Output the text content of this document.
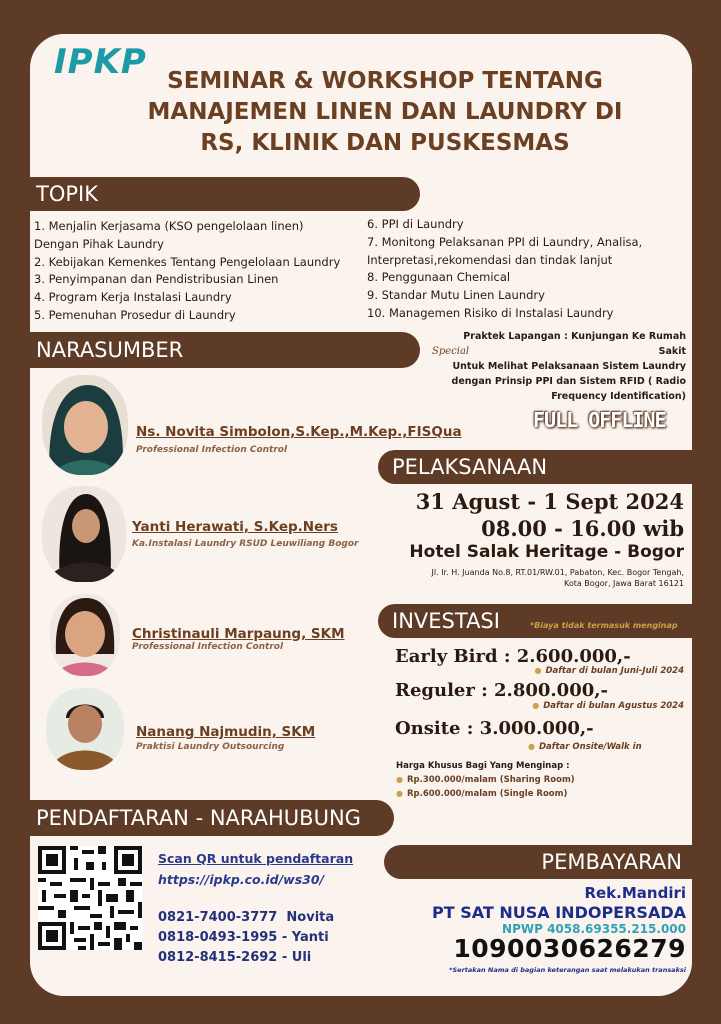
IPKP SEMINAR & WORKSHOP TENTANG
MANAJEMEN LINEN DAN LAUNDRY DI
RS, KLINIK DAN PUSKESMAS
TOPIK
1. Menjalin Kerjasama (KSO pengelolaan linen)
Dengan Pihak Laundry
2. Kebijakan Kemenkes Tentang Pengelolaan Laundry
3. Penyimpanan dan Pendistribusian Linen
4. Program Kerja Instalasi Laundry
5. Pemenuhan Prosedur di Laundry
6. PPI di Laundry
7. Monitong Pelaksanan PPI di Laundry, Analisa,
Interpretasi,rekomendasi dan tindak lanjut
8. Penggunaan Chemical
9. Standar Mutu Linen Laundry
10. Managemen Risiko di Instalasi Laundry
NARASUMBER	Special
Praktek Lapangan : Kunjungan Ke Rumah Sakit
Untuk Melihat Pelaksanaan Sistem Laundry
dengan Prinsip PPI dan Sistem RFID ( Radio
Frequency Identification)
Ns. Novita Simbolon,S.Kep.,M.Kep.,FISQua
Professional Infection Control
Yanti Herawati, S.Kep.Ners
Ka.Instalasi Laundry RSUD Leuwiliang Bogor
Christinauli Marpaung, SKM
Professional Infection Control
Nanang Najmudin, SKM
Praktisi Laundry Outsourcing
FULL OFFLINE
PELAKSANAAN
31 Agust - 1 Sept 2024
08.00 - 16.00 wib
Hotel Salak Heritage - Bogor
Jl. Ir. H. Juanda No.8, RT.01/RW.01, Pabaton, Kec. Bogor Tengah,
Kota Bogor, Jawa Barat 16121
INVESTASI	*Biaya tidak termasuk menginap
Early Bird : 2.600.000,-
● Daftar di bulan Juni-Juli 2024
Reguler : 2.800.000,-
● Daftar di bulan Agustus 2024
Onsite : 3.000.000,-
● Daftar Onsite/Walk in
Harga Khusus Bagi Yang Menginap :
● Rp.300.000/malam (Sharing Room)
● Rp.600.000/malam (Single Room)
PENDAFTARAN - NARAHUBUNG
Scan QR untuk pendaftaran
https://ipkp.co.id/ws30/
0821-7400-3777 Novita
0818-0493-1995 - Yanti
0812-8415-2692 - Uli
PEMBAYARAN
Rek.Mandiri
PT SAT NUSA INDOPERSADA
NPWP 4058.69355.215.000
1090030626279
*Sertakan Nama di bagian keterangan saat melakukan transaksi
